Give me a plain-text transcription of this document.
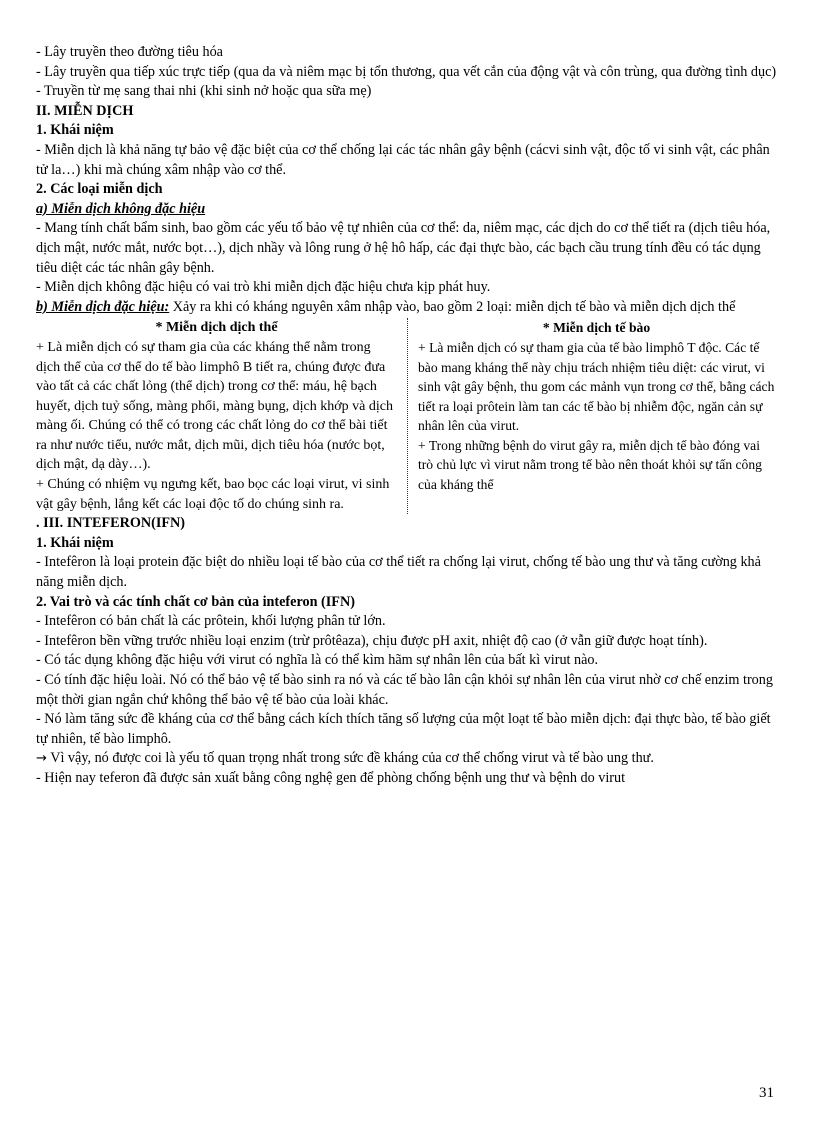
- Lây truyền theo đường tiêu hóa

- Lây truyền qua tiếp xúc trực tiếp (qua da và niêm mạc bị tổn thương, qua vết cắn của động vật và côn trùng, qua đường tình dục)

- Truyền từ mẹ sang thai nhi (khi sinh nở hoặc qua sữa mẹ)

II. MIỄN DỊCH

1. Khái niệm

- Miễn dịch là khả năng tự bảo vệ đặc biệt của cơ thể chống lại các tác nhân gây bệnh (cácvi sinh vật, độc tố vi sinh vật, các phân tử la…) khi mà chúng xâm nhập vào cơ thể.

2. Các loại miễn dịch

a) Miễn dịch không đặc hiệu

- Mang tính chất bẩm sinh, bao gồm các yếu tố bảo vệ tự nhiên của cơ thể: da, niêm mạc, các dịch do cơ thể tiết ra (dịch tiêu hóa, dịch mật, nước mắt, nước bọt…), dịch nhầy và lông rung ở hệ hô hấp, các đại thực bào, các bạch cầu trung tính đều có tác dụng tiêu diệt các tác nhân gây bệnh.

- Miễn dịch không đặc hiệu có vai trò khi miễn dịch đặc hiệu chưa kịp phát huy.

b) Miễn dịch đặc hiệu: Xảy ra khi có kháng nguyên xâm nhập vào, bao gồm 2 loại: miễn dịch tế bào và miễn dịch dịch thể

* Miễn dịch dịch thể

+ Là miễn dịch có sự tham gia của các kháng thể nằm trong dịch thể của cơ thể do tế bào limphô B tiết ra, chúng được đưa vào tất cả các chất lỏng (thể dịch) trong cơ thể: máu, hệ bạch huyết, dịch tuỷ sống, màng phổi, màng bụng, dịch khớp và dịch màng ối. Chúng có thể có trong các chất lỏng do cơ thể bài tiết ra như nước tiểu, nước mắt, dịch mũi, dịch tiêu hóa (nước bọt, dịch mật, dạ dày…).

+ Chúng có nhiệm vụ ngưng kết, bao bọc các loại virut, vi sinh vật gây bệnh, lắng kết các loại độc tố do chúng sinh ra.

* Miễn dịch tế bào

+ Là miễn dịch có sự tham gia của tế bào limphô T độc. Các tế bào mang kháng thể này chịu trách nhiệm tiêu diệt: các virut, vi sinh vật gây bệnh, thu gom các mảnh vụn trong cơ thể, bằng cách tiết ra loại prôtein làm tan các tế bào bị nhiễm độc, ngăn cản sự nhân lên của virut.

+ Trong những bệnh do virut gây ra, miễn dịch tế bào đóng vai trò chủ lực vì virut nằm trong tế bào nên thoát khỏi sự tấn công của kháng thể

. III. INTEFERON(IFN)

1. Khái niệm

- Intefêron là loại protein đặc biệt do nhiều loại tế bào của cơ thể tiết ra chống lại virut, chống tế bào ung thư và tăng cường khả năng miễn dịch.

2. Vai trò và các tính chất cơ bản của inteferon (IFN)

- Intefêron có bản chất là các prôtein, khối lượng phân tử lớn.

- Intefêron bền vững trước nhiều loại enzim (trừ prôtêaza), chịu được pH axit, nhiệt độ cao (ở vẫn giữ được hoạt tính).

- Có tác dụng không đặc hiệu với virut có nghĩa là có thể kìm hãm sự nhân lên của bất kì virut nào.

- Có tính đặc hiệu loài. Nó có thể bảo vệ tế bào sinh ra nó và các tế bào lân cận khỏi sự nhân lên của virut nhờ cơ chế enzim trong một thời gian ngắn chứ không thể bảo vệ tế bào của loài khác.

- Nó làm tăng sức đề kháng của cơ thể bằng cách kích thích tăng số lượng của một loạt tế bào miễn dịch: đại thực bào, tế bào giết tự nhiên, tế bào limphô.

→ Vì vậy, nó được coi là yếu tố quan trọng nhất trong sức đề kháng của cơ thể chống virut và tế bào ung thư.

- Hiện nay teferon đã được sản xuất bằng công nghệ gen để phòng chống bệnh ung thư và bệnh do virut

31
